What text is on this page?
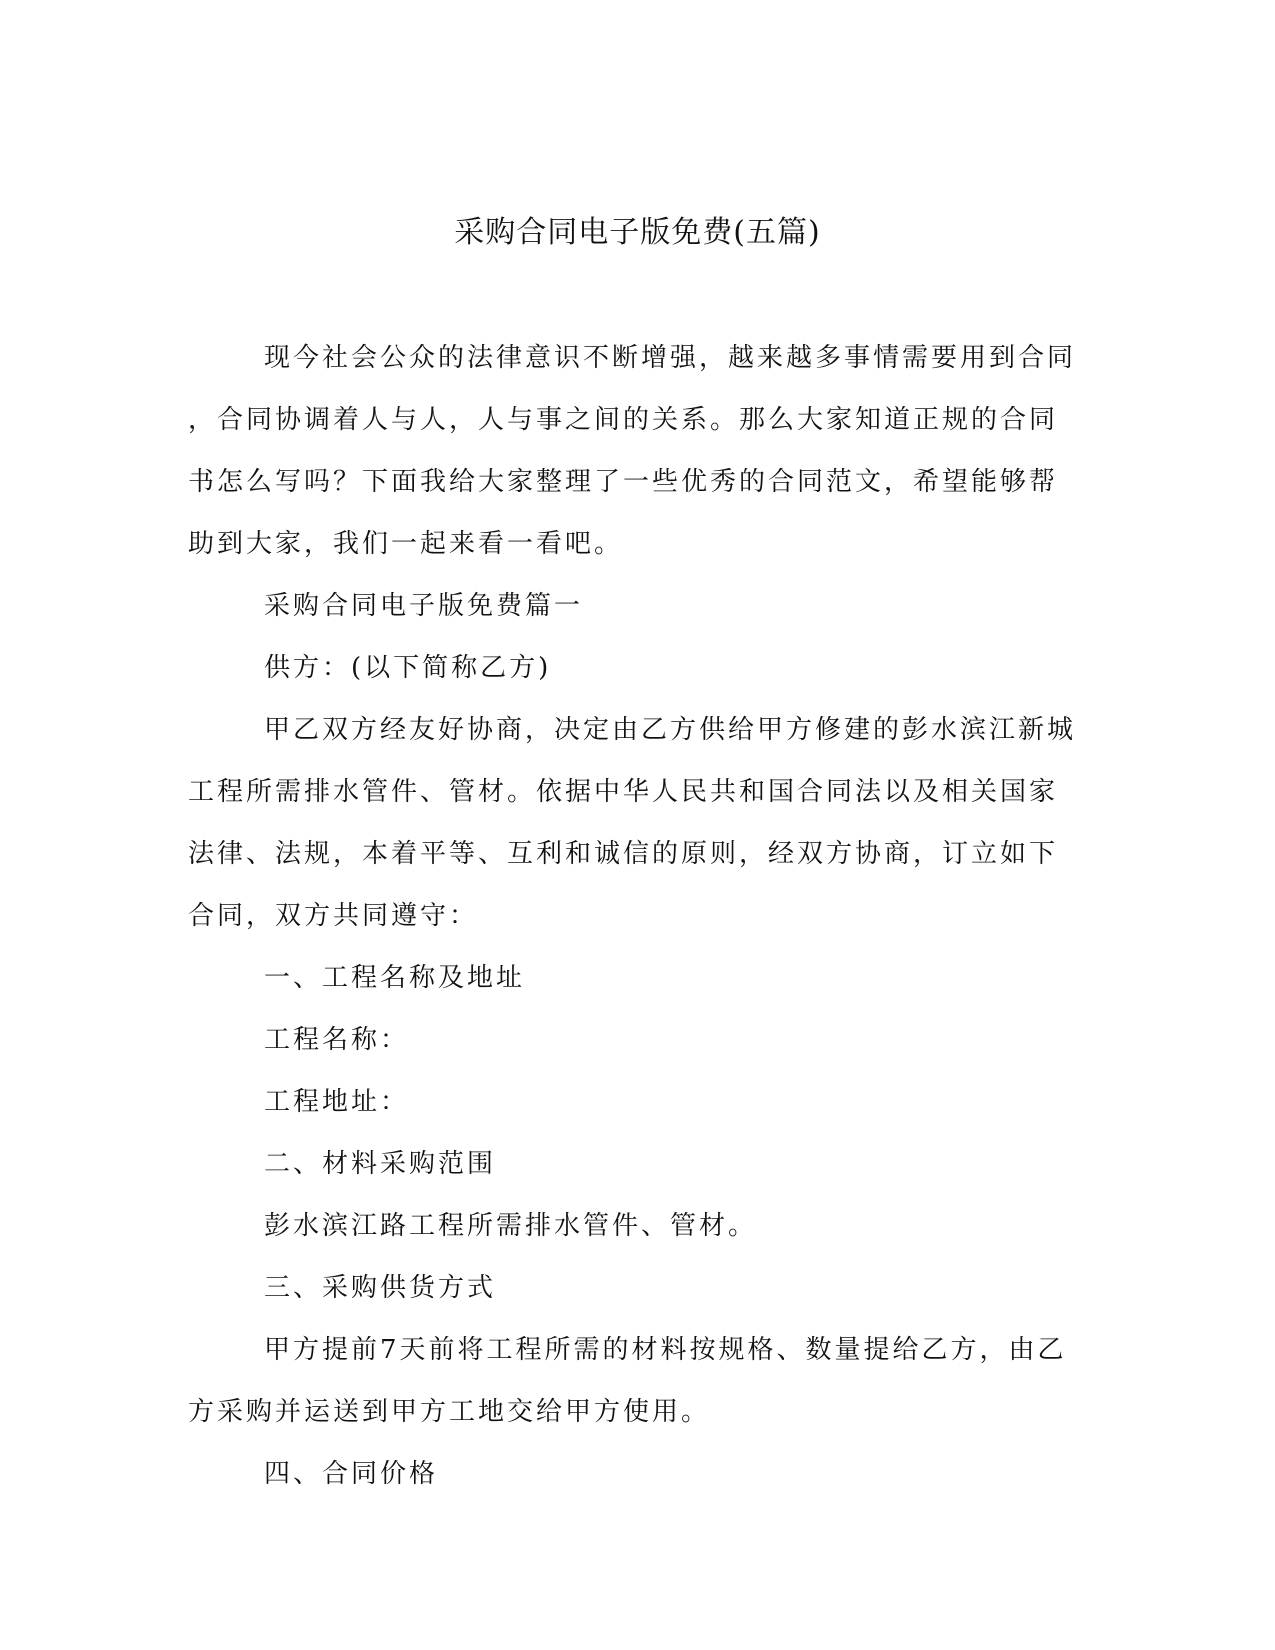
采购合同电子版免费(五篇)

现今社会公众的法律意识不断增强，越来越多事情需要用到合同
，合同协调着人与人，人与事之间的关系。那么大家知道正规的合同
书怎么写吗？下面我给大家整理了一些优秀的合同范文，希望能够帮
助到大家，我们一起来看一看吧。

采购合同电子版免费篇一

供方：(以下简称乙方)

甲乙双方经友好协商，决定由乙方供给甲方修建的彭水滨江新城
工程所需排水管件、管材。依据中华人民共和国合同法以及相关国家
法律、法规，本着平等、互利和诚信的原则，经双方协商，订立如下
合同，双方共同遵守：

一、工程名称及地址

工程名称：

工程地址：

二、材料采购范围

彭水滨江路工程所需排水管件、管材。

三、采购供货方式

甲方提前7天前将工程所需的材料按规格、数量提给乙方，由乙
方采购并运送到甲方工地交给甲方使用。

四、合同价格
